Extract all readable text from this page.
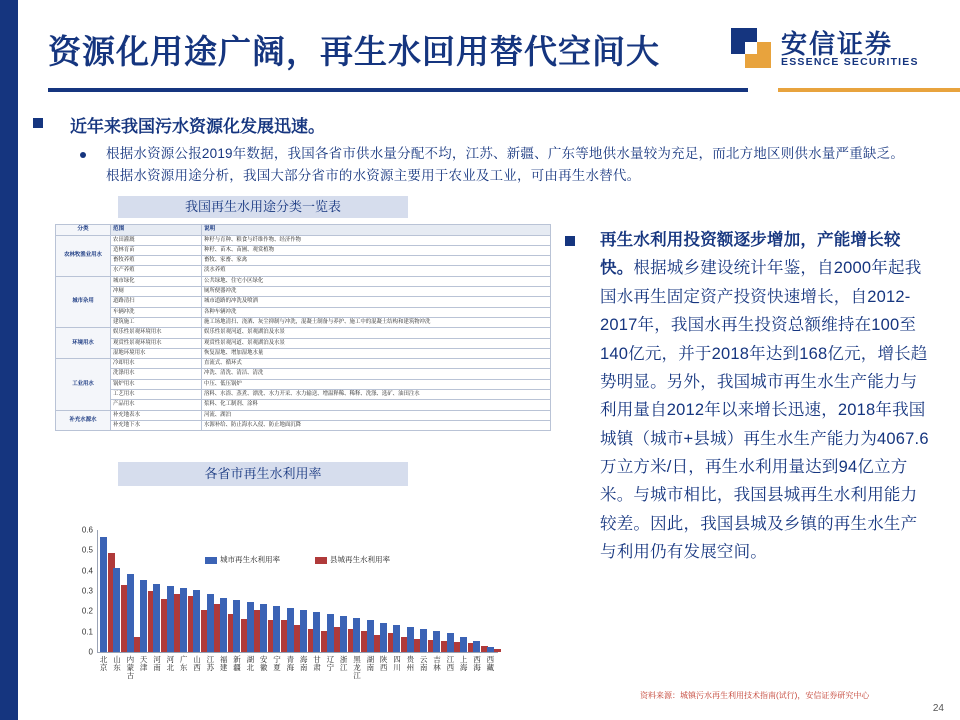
资源化用途广阔，再生水回用替代空间大	安信证券
ESSENCE SECURITIES
近年来我国污水资源化发展迅速。
根据水资源公报2019年数据，我国各省市供水量分配不均，江苏、新疆、广东等地供水量较为充足，而北方地区则供水量严重缺乏。根据水资源用途分析，我国大部分省市的水资源主要用于农业及工业，可由再生水替代。
我国再生水用途分类一览表
分类	范围	说明
农林牧渔业用水	农田灌溉	种籽与育种、粮食与纤维作物、经济作物
	造林育苗	种籽、苗木、苗圃、观赏植物
	畜牧养殖	畜牧、家畜、家禽
	水产养殖	淡水养殖
城市杂用	城市绿化	公共绿地、住宅小区绿化
	冲厕	厕所便器冲洗
	道路清扫	城市道路的冲洗及喷洒
	车辆冲洗	各种车辆冲洗
	建筑施工	施工场地清扫、浇洒、灰尘抑制与冲洗，混凝土制备与养护、施工中的混凝土结构和建筑物冲洗
环境用水	娱乐性景观环境用水	娱乐性景观河道、景观湖泊及水景
	观赏性景观环境用水	观赏性景观河道、景观湖泊及水景
	湿地环境用水	恢复湿地、增加湿地水量
工业用水	冷却用水	直流式、循环式
	洗涤用水	冲洗、清洗、清洁、清洗
	锅炉用水	中压、低压锅炉
	工艺用水	溶料、水浴、蒸煮、漂洗、水力开采、水力输送、增温释稀、稀释、洗涤、选矿、油田注水
	产品用水	浆料、化工制剂、涂料
补充水源水	补充地表水	河流、湖泊
	补充地下水	水源补给、防止海水入侵、防止地面沉降
各省市再生水利用率
0
0.1
0.2
0.3
0.4
0.5
0.6
北京
山东
内蒙古
天津
河南
河北
广东
山西
江苏
福建
新疆
湖北
安徽
宁夏
青海
海南
甘肃
辽宁
浙江
黑龙江
湖南
陕西
四川
贵州
云南
吉林
江西
上海
西海
西藏
城市再生水利用率	县城再生水利用率
再生水利用投资额逐步增加，产能增长较快。根据城乡建设统计年鉴，自2000年起我国水再生固定资产投资快速增长，自2012-2017年，我国水再生投资总额维持在100至140亿元，并于2018年达到168亿元，增长趋势明显。另外，我国城市再生水生产能力与利用量自2012年以来增长迅速，2018年我国城镇（城市+县城）再生水生产能力为4067.6万立方米/日，再生水利用量达到94亿立方米。与城市相比，我国县城再生水利用能力较差。因此，我国县城及乡镇的再生水生产与利用仍有发展空间。
资料来源：城镇污水再生利用技术指南(试行)，安信证券研究中心
24
